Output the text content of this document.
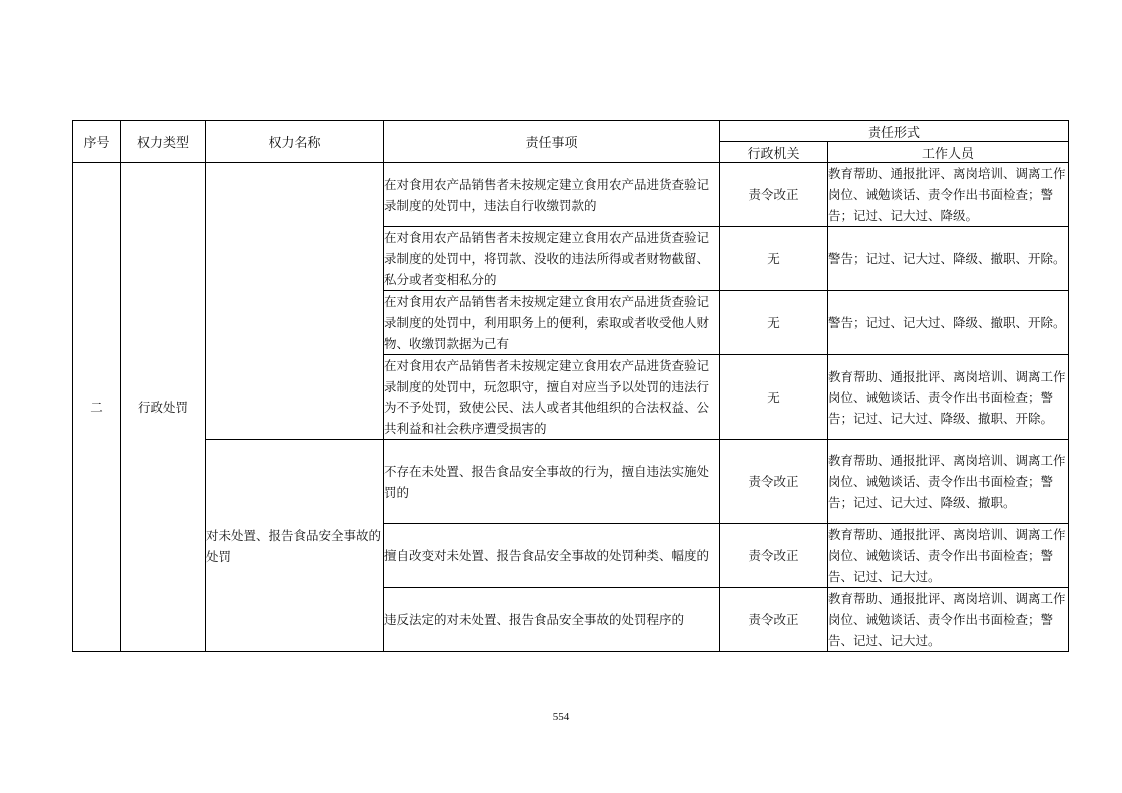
序号	权力类型	权力名称	责任事项	责任形式	
				行政机关	工作人员
二	行政处罚		在对食用农产品销售者未按规定建立食用农产品进货查验记录制度的处罚中，违法自行收缴罚款的	责令改正	教育帮助、通报批评、离岗培训、调离工作岗位、诫勉谈话、责令作出书面检查；警告；记过、记大过、降级。
			在对食用农产品销售者未按规定建立食用农产品进货查验记录制度的处罚中，将罚款、没收的违法所得或者财物截留、私分或者变相私分的	无	警告；记过、记大过、降级、撤职、开除。
			在对食用农产品销售者未按规定建立食用农产品进货查验记录制度的处罚中，利用职务上的便利，索取或者收受他人财物、收缴罚款据为己有	无	警告；记过、记大过、降级、撤职、开除。
			在对食用农产品销售者未按规定建立食用农产品进货查验记录制度的处罚中，玩忽职守，擅自对应当予以处罚的违法行为不予处罚，致使公民、法人或者其他组织的合法权益、公共利益和社会秩序遭受损害的	无	教育帮助、通报批评、离岗培训、调离工作岗位、诫勉谈话、责令作出书面检查；警告；记过、记大过、降级、撤职、开除。
		对未处置、报告食品安全事故的处罚	不存在未处置、报告食品安全事故的行为，擅自违法实施处罚的	责令改正	教育帮助、通报批评、离岗培训、调离工作岗位、诫勉谈话、责令作出书面检查；警告；记过、记大过、降级、撤职。
			擅自改变对未处置、报告食品安全事故的处罚种类、幅度的	责令改正	教育帮助、通报批评、离岗培训、调离工作岗位、诫勉谈话、责令作出书面检查；警告、记过、记大过。
			违反法定的对未处置、报告食品安全事故的处罚程序的	责令改正	教育帮助、通报批评、离岗培训、调离工作岗位、诫勉谈话、责令作出书面检查；警告、记过、记大过。
554
